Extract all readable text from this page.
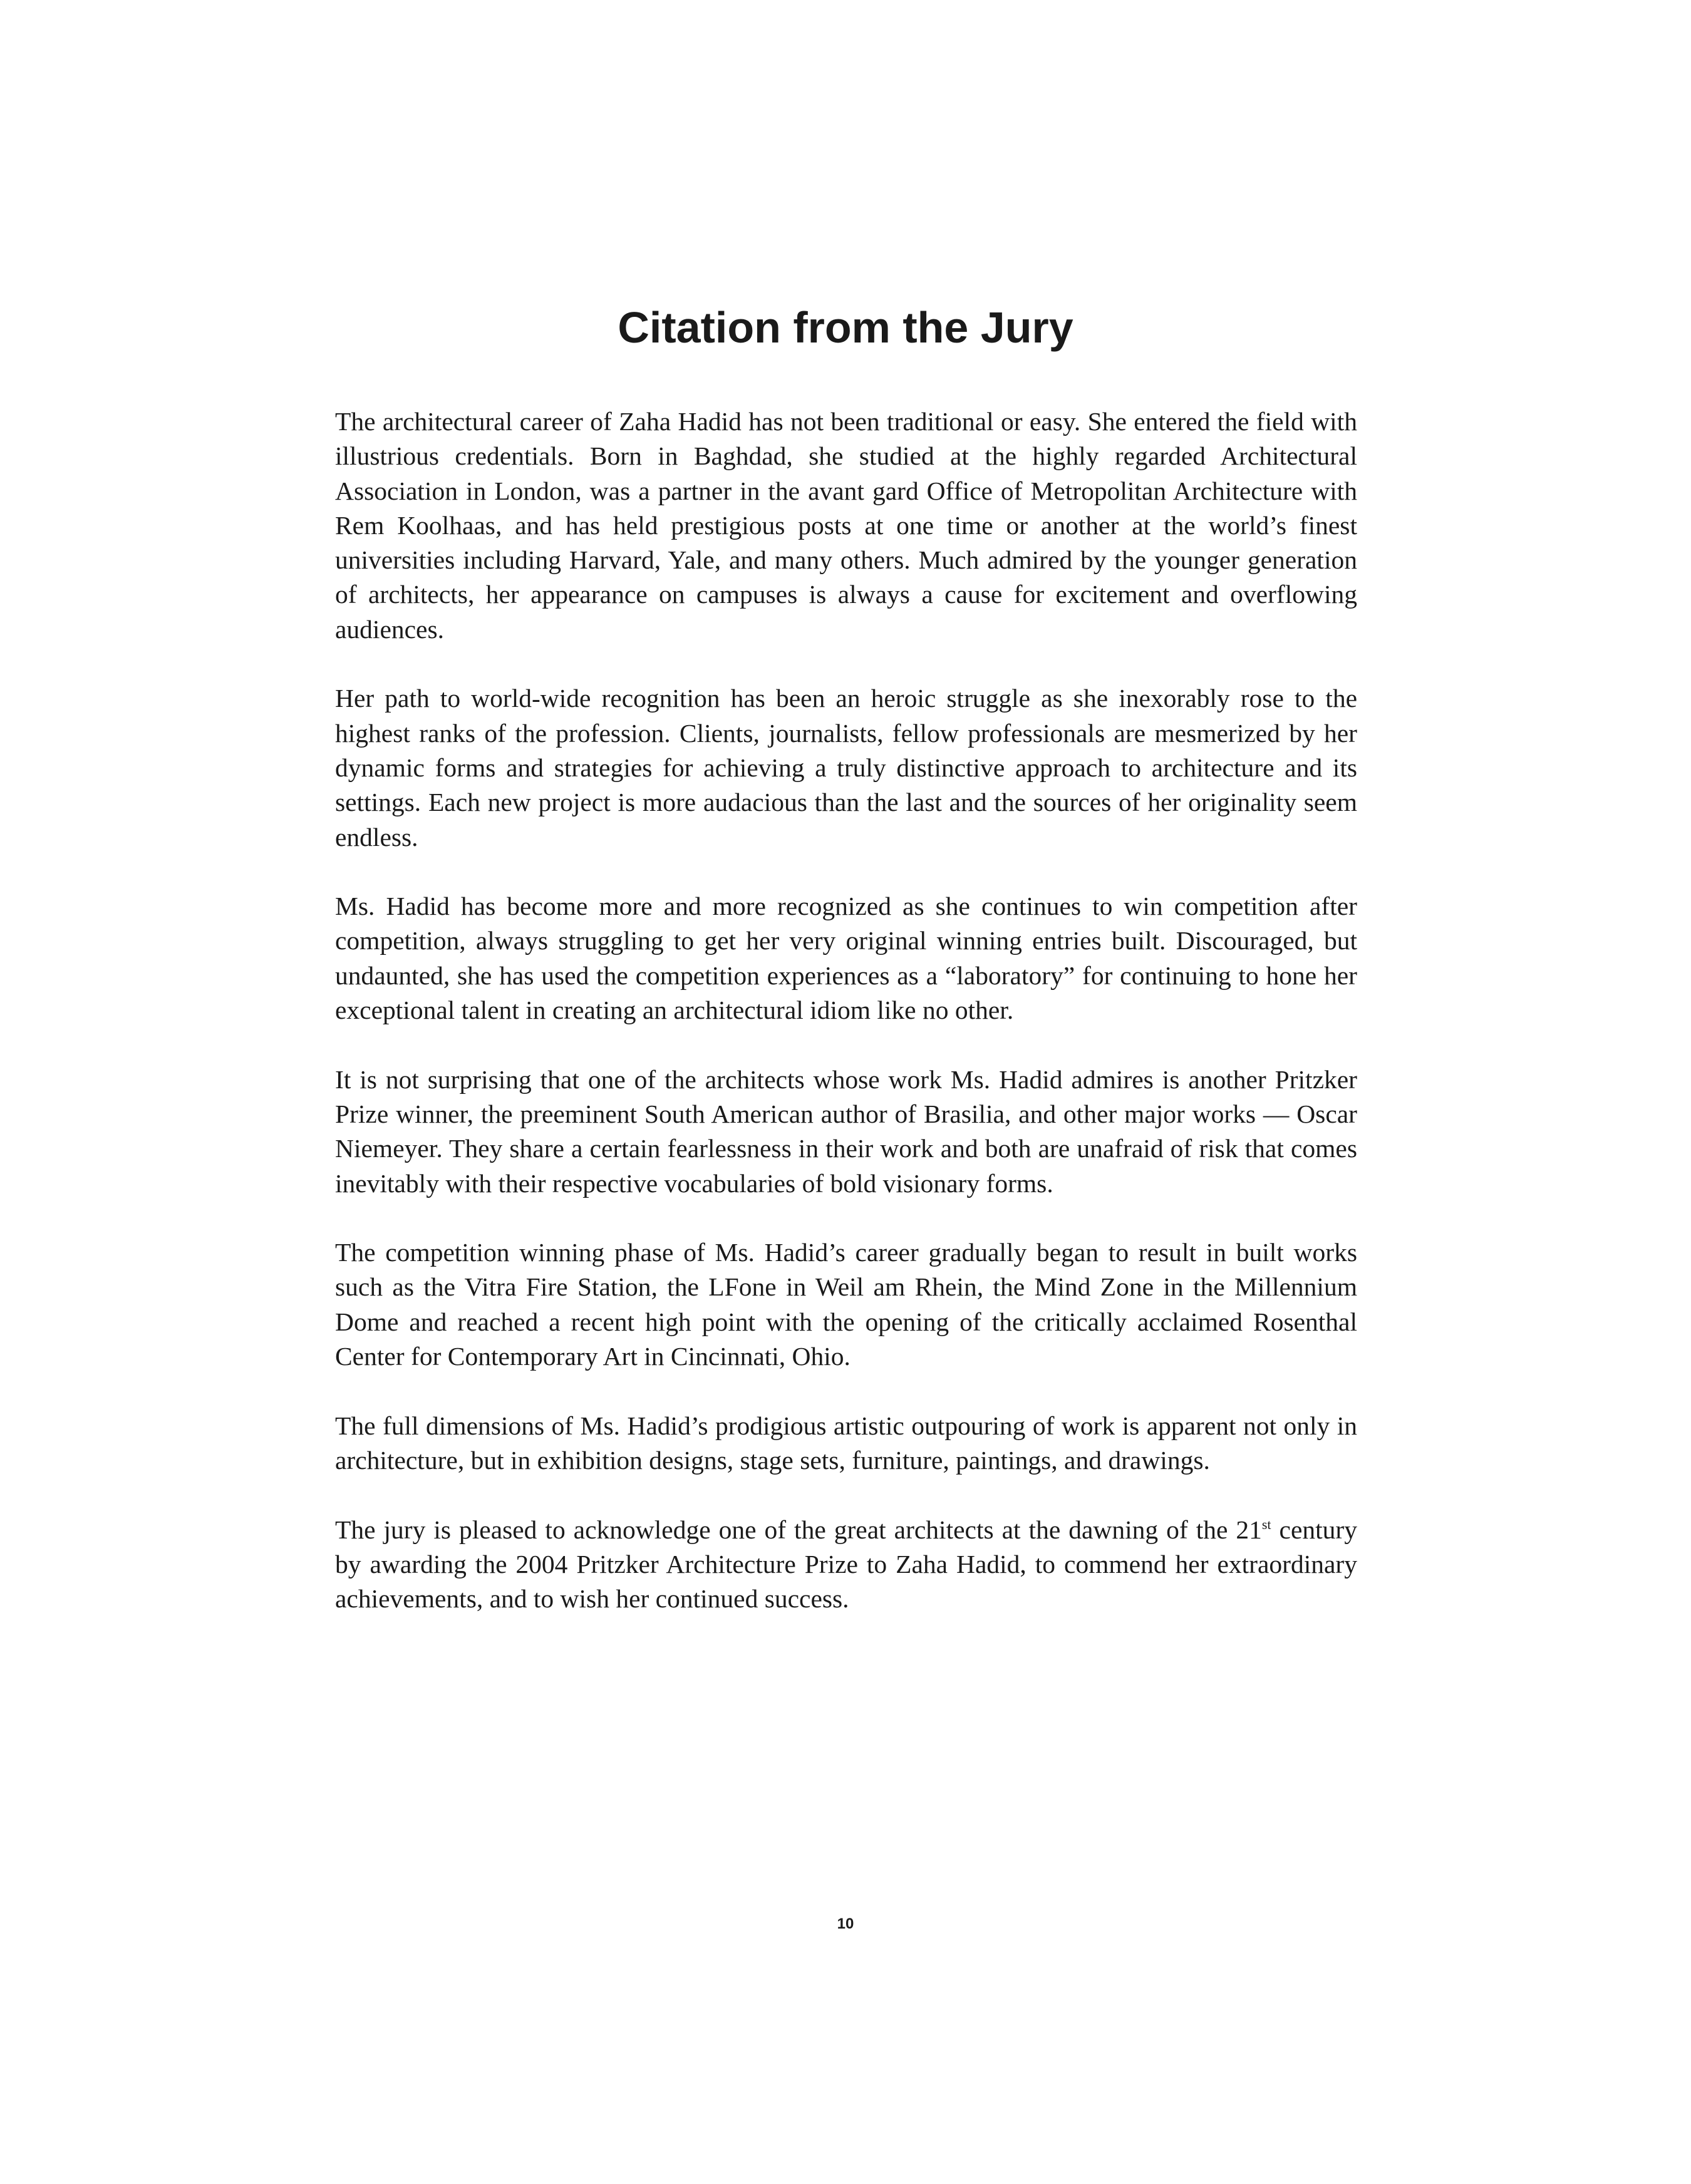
Citation from the Jury

The architectural career of Zaha Hadid has not been traditional or easy. She entered the field with illustrious credentials. Born in Baghdad, she studied at the highly regarded Architectural Association in London, was a partner in the avant gard Office of Metropolitan Architecture with Rem Koolhaas, and has held prestigious posts at one time or another at the world’s finest universities including Harvard, Yale, and many others. Much admired by the younger generation of architects, her appearance on campuses is always a cause for excitement and overflowing audiences.

Her path to world-wide recognition has been an heroic struggle as she inexorably rose to the highest ranks of the profession. Clients, journalists, fellow professionals are mesmerized by her dynamic forms and strategies for achieving a truly distinctive approach to architecture and its settings. Each new project is more audacious than the last and the sources of her originality seem endless.

Ms. Hadid has become more and more recognized as she continues to win competition after competition, always struggling to get her very original winning entries built. Discouraged, but undaunted, she has used the competition experiences as a “laboratory” for continuing to hone her exceptional talent in creating an architectural idiom like no other.

It is not surprising that one of the architects whose work Ms. Hadid admires is another Pritzker Prize winner, the preeminent South American author of Brasilia, and other major works — Oscar Niemeyer. They share a certain fearlessness in their work and both are unafraid of risk that comes inevitably with their respective vocabularies of bold visionary forms.

The competition winning phase of Ms. Hadid’s career gradually began to result in built works such as the Vitra Fire Station, the LFone in Weil am Rhein, the Mind Zone in the Millennium Dome and reached a recent high point with the opening of the critically acclaimed Rosenthal Center for Contemporary Art in Cincinnati, Ohio.

The full dimensions of Ms. Hadid’s prodigious artistic outpouring of work is apparent not only in architecture, but in exhibition designs, stage sets, furniture, paintings, and drawings.

The jury is pleased to acknowledge one of the great architects at the dawning of the 21st century by awarding the 2004 Pritzker Architecture Prize to Zaha Hadid, to commend her extraordinary achievements, and to wish her continued success.

10
